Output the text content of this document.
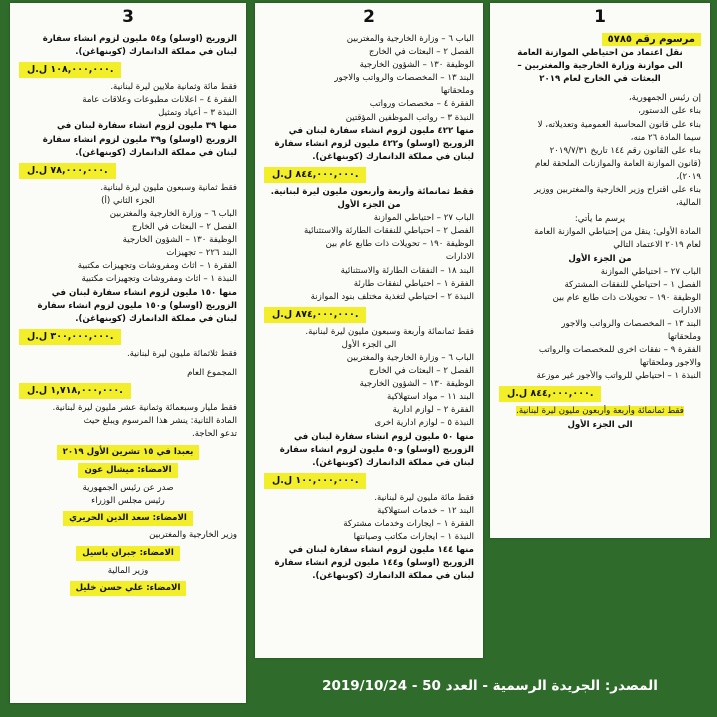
3
الزوريج (اوسلو) و٥٤ مليون لزوم انشاء سفارة
لبنان في مملكة الدانمارك (كوبنهاغن).
١٠٨,٠٠٠,٠٠٠ ل.ل.
فقط مائة وثمانية ملايين ليرة لبنانية.
الفقرة ٤ – اعلانات مطبوعات وعلاقات عامة
النبذة ٣ – أعياد وتمثيل
منها ٣٩ مليون لزوم انشاء سفارة لبنان في
الزوريج (اوسلو) و٣٩ مليون لزوم انشاء سفارة
لبنان في مملكة الدانمارك (كوبنهاغن).
٧٨,٠٠٠,٠٠٠ ل.ل.
فقط ثمانية وسبعون مليون ليرة لبنانية.
الجزء الثاني (أ)
الباب ٦ – وزارة الخارجية والمغتربين
الفصل ٢ – البعثات في الخارج
الوظيفة ١٣٠ – الشؤون الخارجية
البند ٢٢٦ – تجهيزات
الفقرة ١ – اثاث ومفروشات وتجهيزات مكتبية
النبذة ١ – اثاث ومفروشات وتجهيزات مكتبية
منها ١٥٠ مليون لزوم انشاء سفارة لبنان في
الزوريج (اوسلو) و١٥٠ مليون لزوم انشاء سفارة
لبنان في مملكة الدانمارك (كوبنهاغن).
٣٠٠,٠٠٠,٠٠٠ ل.ل.
فقط ثلاثمائة مليون ليرة لبنانية.
المجموع العام
١,٧١٨,٠٠٠,٠٠٠ ل.ل.
فقط مليار وسبعمائة وثمانية عشر مليون ليرة لبنانية.
المادة الثانية: ينشر هذا المرسوم ويبلغ حيث
تدعو الحاجة.
بعبدا في ١٥ تشرين الأول ٢٠١٩
الامضاء: ميشال عون
صدر عن رئيس الجمهورية
رئيس مجلس الوزراء
الامضاء: سعد الدين الحريري
وزير الخارجية والمغتربين
الامضاء: جبران باسيل
وزير المالية
الامضاء: علي حسن خليل
2
الباب ٦ – وزارة الخارجية والمغتربين
الفصل ٢ – البعثات في الخارج
الوظيفة ١٣٠ – الشؤون الخارجية
البند ١٣ – المخصصات والرواتب والاجور
وملحقاتها
الفقرة ٤ – مخصصات ورواتب
النبذة ٣ – رواتب الموظفين المؤقتين
منها ٤٢٢ مليون لزوم انشاء سفارة لبنان في
الزوريج (اوسلو) و٤٢٢ مليون لزوم انشاء سفارة
لبنان في مملكة الدانمارك (كوبنهاغن).
٨٤٤,٠٠٠,٠٠٠ ل.ل.
فقط ثمانمائة وأربعة وأربعون مليون ليرة لبنانية.
من الجزء الأول
الباب ٢٧ – احتياطي الموازنة
الفصل ٢ – احتياطي للنفقات الطارئة والاستثنائية
الوظيفة ١٩٠ – تحويلات ذات طابع عام بين
الادارات
البند ١٨ – النفقات الطارئة والاستثنائية
الفقرة ١ – احتياطي لنفقات طارئة
النبذة ٢ – احتياطي لتغذية مختلف بنود الموازنة
٨٧٤,٠٠٠,٠٠٠ ل.ل.
فقط ثمانمائة وأربعة وسبعون مليون ليرة لبنانية.
الى الجزء الأول
الباب ٦ – وزارة الخارجية والمغتربين
الفصل ٢ – البعثات في الخارج
الوظيفة ١٣٠ – الشؤون الخارجية
البند ١١ – مواد استهلاكية
الفقرة ٢ – لوازم ادارية
النبذة ٥ – لوازم ادارية اخرى
منها ٥٠ مليون لزوم انشاء سفارة لبنان في
الزوريج (اوسلو) و٥٠ مليون لزوم انشاء سفارة
لبنان في مملكة الدانمارك (كوبنهاغن).
١٠٠,٠٠٠,٠٠٠ ل.ل.
فقط مائة مليون ليرة لبنانية.
البند ١٢ – خدمات استهلاكية
الفقرة ١ – ايجارات وخدمات مشتركة
النبذة ١ – ايجارات مكاتب وصيانتها
منها ١٤٤ مليون لزوم انشاء سفارة لبنان في
الزوريج (اوسلو) و١٤٤ مليون لزوم انشاء سفارة
لبنان في مملكة الدانمارك (كوبنهاغن).
1
مرسوم رقم ٥٧٨٥
نقل اعتماد من احتياطي الموازنة العامة
الى موازنة وزارة الخارجية والمغتربين –
البعثات في الخارج لعام ٢٠١٩
إن رئيس الجمهورية،
بناء على الدستور،
بناء على قانون المحاسبة العمومية وتعديلاته، لا
سيما المادة ٢٦ منه،
بناء على القانون رقم ١٤٤ تاريخ ٢٠١٩/٧/٣١
(قانون الموازنة العامة والموازنات الملحقة لعام
٢٠١٩)،
بناء على اقتراح وزير الخارجية والمغتربين ووزير
المالية،
يرسم ما يأتي:
المادة الأولى: ينقل من إحتياطي الموازنة العامة
لعام ٢٠١٩ الاعتماد التالي
من الجزء الأول
الباب ٢٧ – احتياطي الموازنة
الفصل ١ – احتياطي للنفقات المشتركة
الوظيفة ١٩٠ – تحويلات ذات طابع عام بين
الادارات
البند ١٣ – المخصصات والرواتب والاجور
وملحقاتها
الفقرة ٩ – نفقات اخرى للمخصصات والرواتب
والاجور وملحقاتها
النبذة ١ – احتياطي للرواتب والأجور غير موزعة
٨٤٤,٠٠٠,٠٠٠ ل.ل.
فقط ثمانمائة وأربعة وأربعون مليون ليرة لبنانية.
الى الجزء الأول
المصدر: الجريدة الرسمية - العدد 50 - 2019/10/24
